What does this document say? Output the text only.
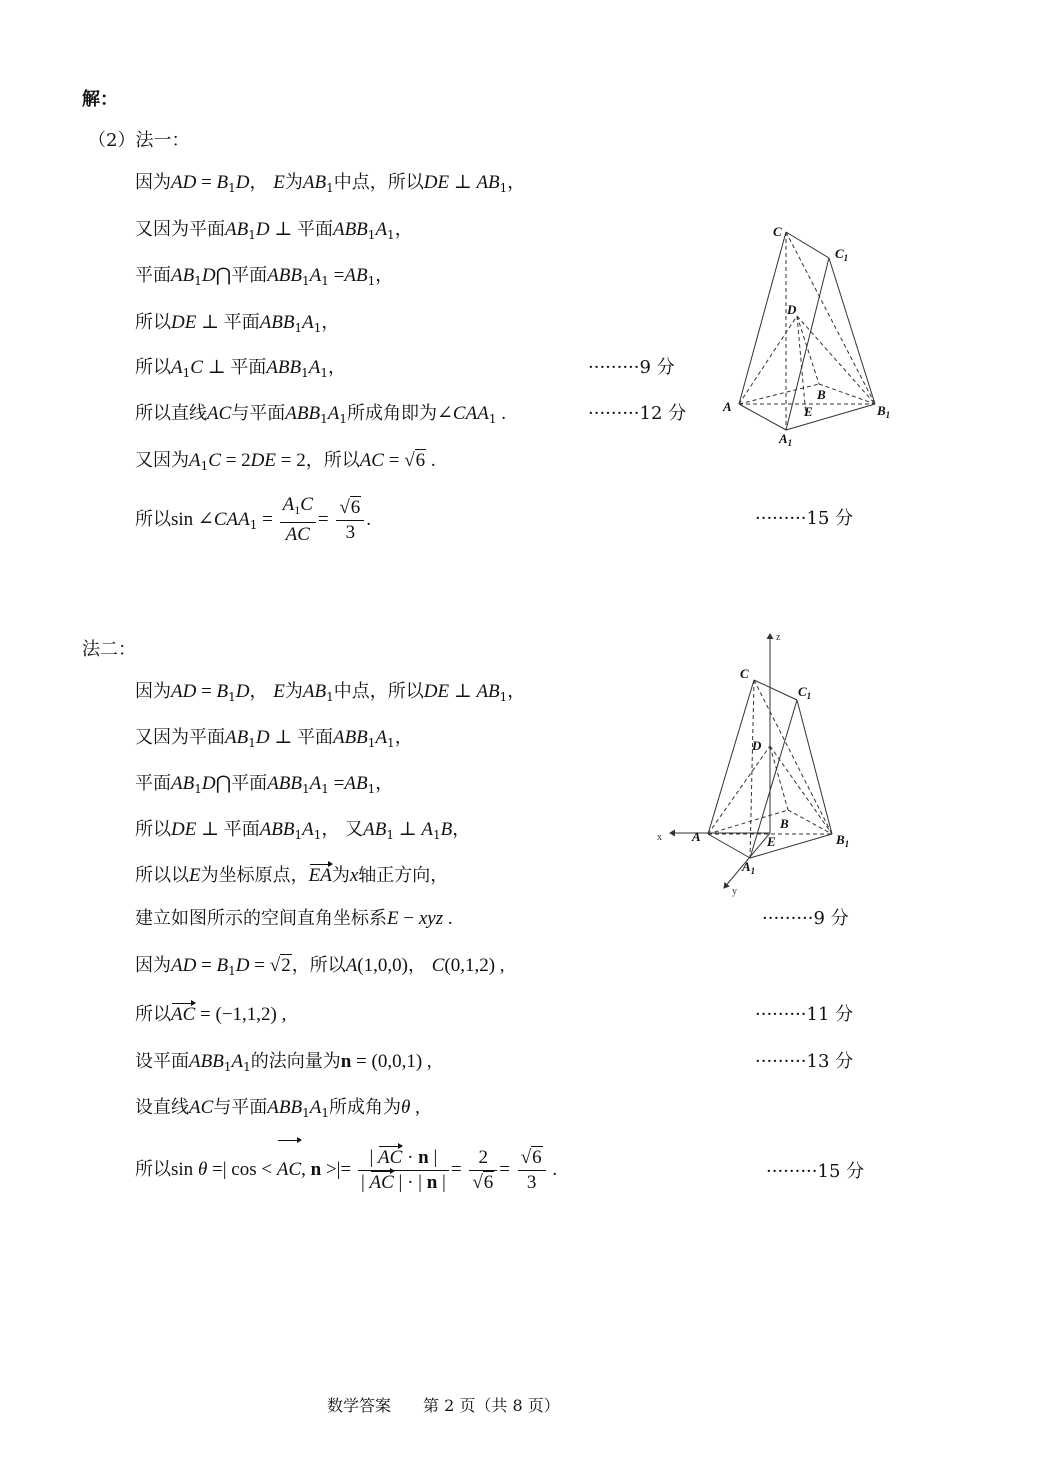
解：
（2）法一：
因为AD = $B_1D$， E为$AB_1$中点，所以DE ⊥ $AB_1$，
又因为平面$AB_1D$ ⊥ 平面$ABB_1A_1$，
平面$AB_1D⋂$平面$ABB_1A_1 =AB_1$，
所以DE ⊥ 平面$ABB_1A_1$，
所以$A_1C$ ⊥ 平面$ABB_1A_1$，	·········9 分
所以直线AC与平面$ABB_1A_1$所成角即为$\angle CAA_1$ .	·········12 分
又因为$A_1C = 2DE = 2$，所以AC = √6 .
所以$\sin \angle CAA_1 = \frac{A_1C}{AC} = \frac{√6}{3}$ .	·········15 分
C
$C_1$
D
B
A	E	$B_1$
$A_1$
法二：
因为AD = $B_1D$， E为$AB_1$中点，所以DE ⊥ $AB_1$，
又因为平面$AB_1D$ ⊥ 平面$ABB_1A_1$，
平面$AB_1D⋂$平面$ABB_1A_1 =AB_1$，
所以DE ⊥ 平面$ABB_1A_1$， 又$AB_1$ ⊥ $A_1B$，
所以以E为坐标原点，EA为x轴正方向，
建立如图所示的空间直角坐标系E − xyz .	·········9 分
因为AD = $B_1D = √2$，所以A(1,0,0)， C(0,1,2) ,
所以AC = (−1,1,2) ,	·········11 分
设平面$ABB_1A_1$的法向量为n = (0,0,1) ,	·········13 分
设直线AC与平面$ABB_1A_1$所成角为θ ,
所以sin θ =| cos < AC, n >|= $\frac{| AC \cdot n |}{| AC | \cdot | n |} = \frac{2}{√6} = \frac{√6}{3}$ .	·········15 分
C
$C_1$
D
B
A	E	$B_1$
$A_1$
z
x
y
数学答案　　第 2 页（共 8 页）
